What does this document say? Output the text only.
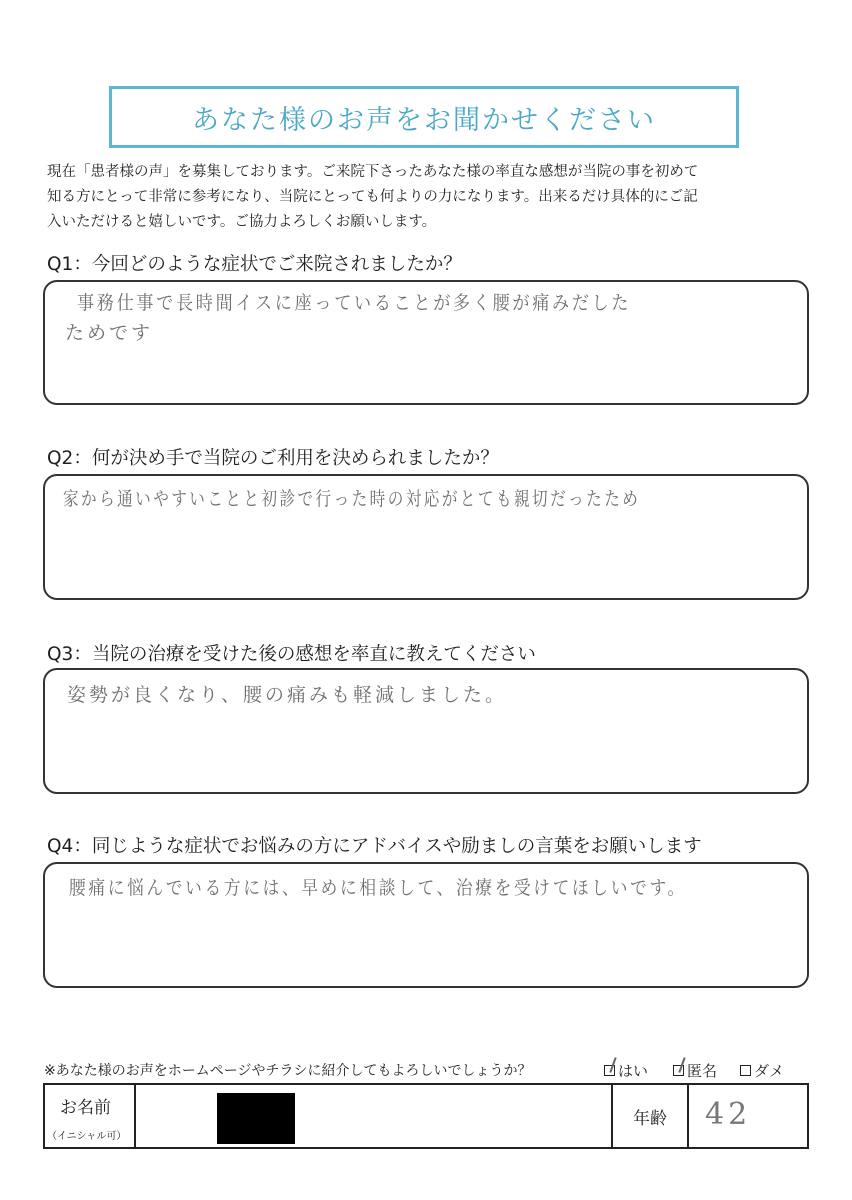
あなた様のお声をお聞かせください
現在「患者様の声」を募集しております。ご来院下さったあなた様の率直な感想が当院の事を初めて
知る方にとって非常に参考になり、当院にとっても何よりの力になります。出来るだけ具体的にご記
入いただけると嬉しいです。ご協力よろしくお願いします。
Q1：今回どのような症状でご来院されましたか？
事務仕事で長時間イスに座っていることが多く腰が痛みだした
ためです
Q2：何が決め手で当院のご利用を決められましたか？
家から通いやすいことと初診で行った時の対応がとても親切だったため
Q3：当院の治療を受けた後の感想を率直に教えてください
姿勢が良くなり、腰の痛みも軽減しました。
Q4：同じような症状でお悩みの方にアドバイスや励ましの言葉をお願いします
腰痛に悩んでいる方には、早めに相談して、治療を受けてほしいです。
※あなた様のお声をホームページやチラシに紹介してもよろしいでしょうか？	はい	匿名 ダメ
お名前
（イニシャル可）
年齢 42
